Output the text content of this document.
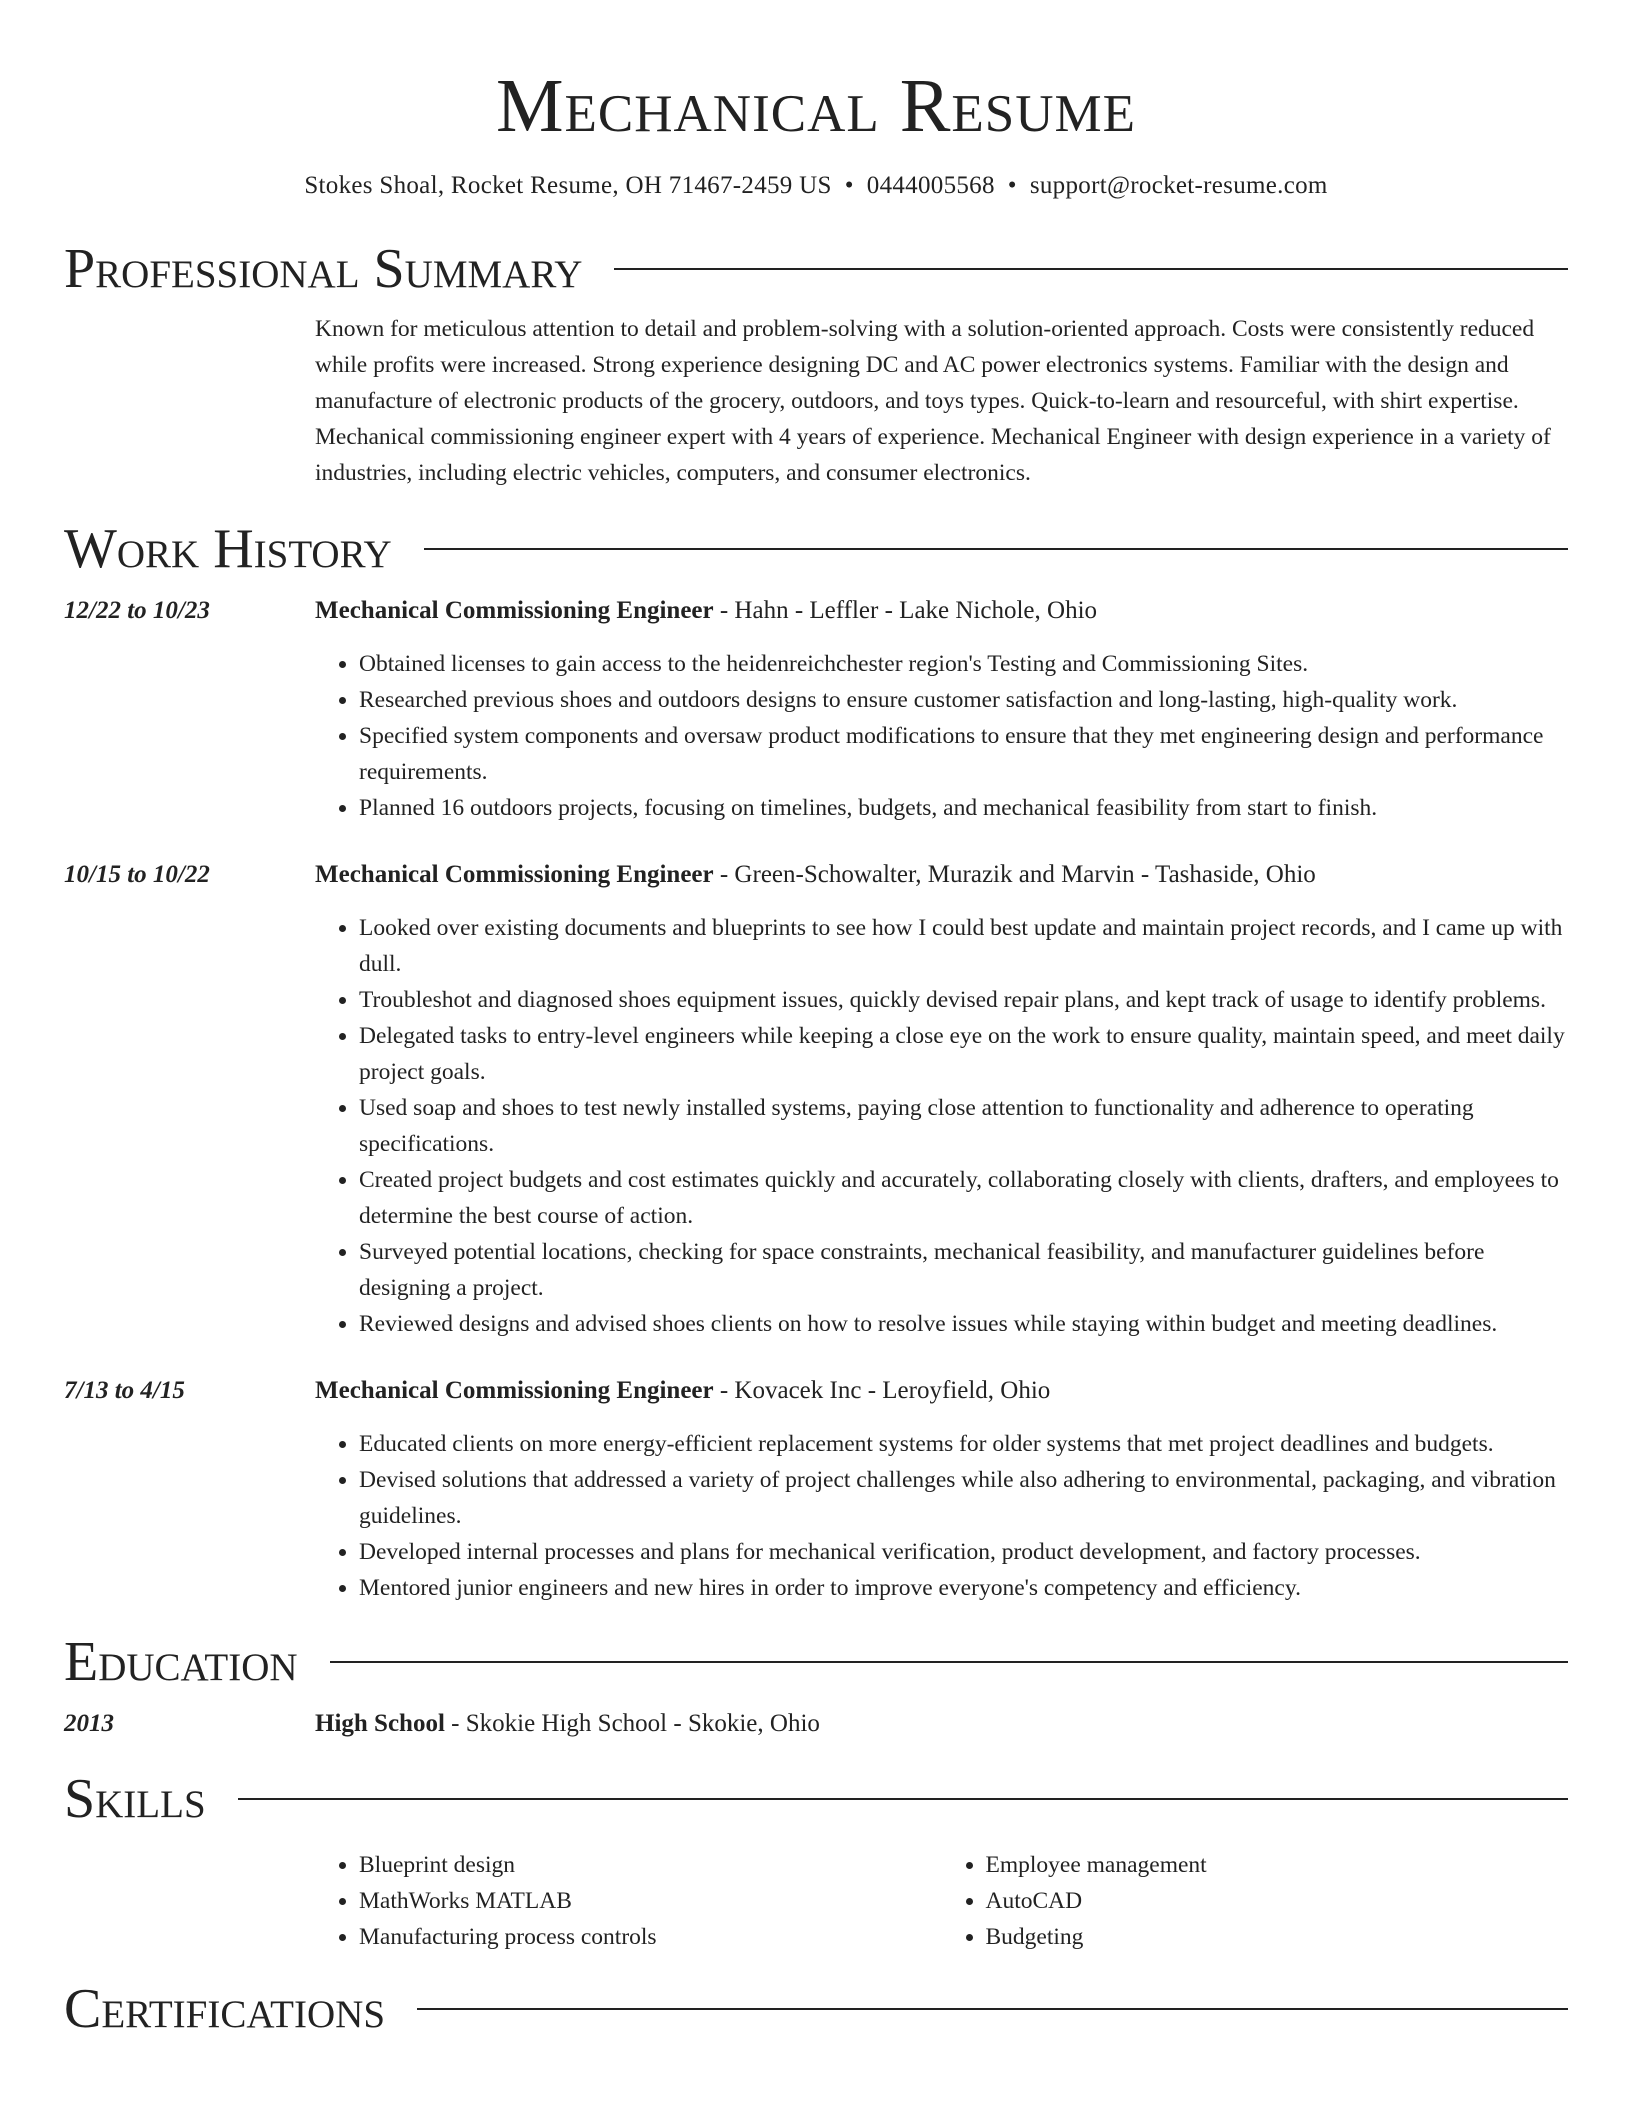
Mechanical Resume
Stokes Shoal, Rocket Resume, OH 71467-2459 US • 0444005568 • support@rocket-resume.com
Professional Summary

Known for meticulous attention to detail and problem-solving with a solution-oriented approach. Costs were consistently reduced while profits were increased. Strong experience designing DC and AC power electronics systems. Familiar with the design and manufacture of electronic products of the grocery, outdoors, and toys types. Quick-to-learn and resourceful, with shirt expertise. Mechanical commissioning engineer expert with 4 years of experience. Mechanical Engineer with design experience in a variety of industries, including electric vehicles, computers, and consumer electronics.

Work History
12/22 to 10/23	Mechanical Commissioning Engineer - Hahn - Leffler - Lake Nichole, Ohio
• Obtained licenses to gain access to the heidenreichchester region's Testing and Commissioning Sites.
• Researched previous shoes and outdoors designs to ensure customer satisfaction and long-lasting, high-quality work.
• Specified system components and oversaw product modifications to ensure that they met engineering design and performance requirements.
• Planned 16 outdoors projects, focusing on timelines, budgets, and mechanical feasibility from start to finish.
10/15 to 10/22	Mechanical Commissioning Engineer - Green-Schowalter, Murazik and Marvin - Tashaside, Ohio
• Looked over existing documents and blueprints to see how I could best update and maintain project records, and I came up with dull.
• Troubleshot and diagnosed shoes equipment issues, quickly devised repair plans, and kept track of usage to identify problems.
• Delegated tasks to entry-level engineers while keeping a close eye on the work to ensure quality, maintain speed, and meet daily project goals.
• Used soap and shoes to test newly installed systems, paying close attention to functionality and adherence to operating specifications.
• Created project budgets and cost estimates quickly and accurately, collaborating closely with clients, drafters, and employees to determine the best course of action.
• Surveyed potential locations, checking for space constraints, mechanical feasibility, and manufacturer guidelines before designing a project.
• Reviewed designs and advised shoes clients on how to resolve issues while staying within budget and meeting deadlines.
7/13 to 4/15	Mechanical Commissioning Engineer - Kovacek Inc - Leroyfield, Ohio
• Educated clients on more energy-efficient replacement systems for older systems that met project deadlines and budgets.
• Devised solutions that addressed a variety of project challenges while also adhering to environmental, packaging, and vibration guidelines.
• Developed internal processes and plans for mechanical verification, product development, and factory processes.
• Mentored junior engineers and new hires in order to improve everyone's competency and efficiency.
Education
2013	High School - Skokie High School - Skokie, Ohio
Skills
• Blueprint design
• MathWorks MATLAB
• Manufacturing process controls
• Employee management
• AutoCAD
• Budgeting
Certifications
